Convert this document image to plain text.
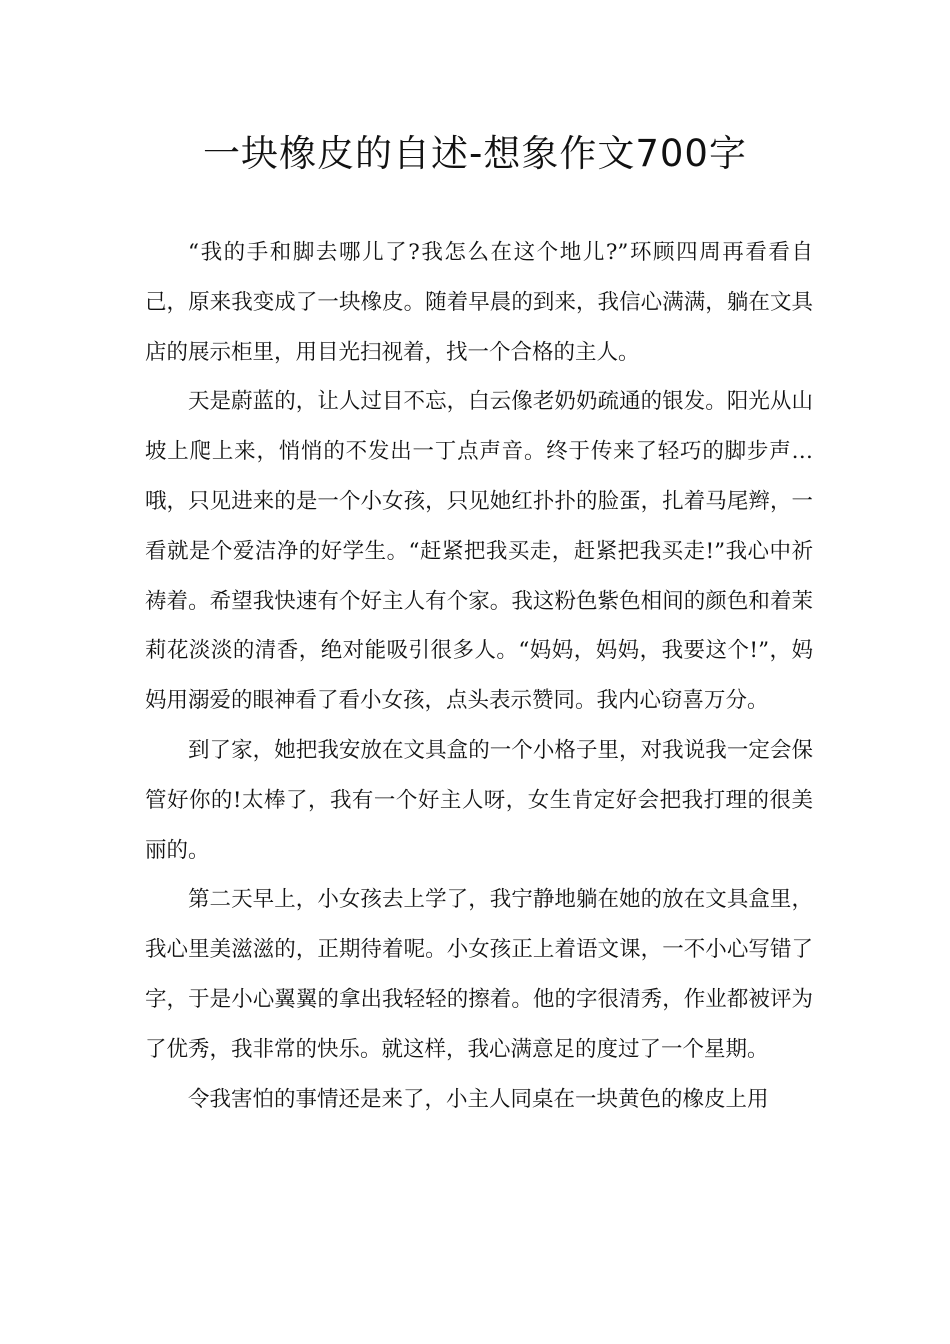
一块橡皮的自述-想象作文700字

“我的手和脚去哪儿了?我怎么在这个地儿?”环顾四周再看看自己，原来我变成了一块橡皮。随着早晨的到来，我信心满满，躺在文具店的展示柜里，用目光扫视着，找一个合格的主人。

天是蔚蓝的，让人过目不忘，白云像老奶奶疏通的银发。阳光从山坡上爬上来，悄悄的不发出一丁点声音。终于传来了轻巧的脚步声…哦，只见进来的是一个小女孩，只见她红扑扑的脸蛋，扎着马尾辫，一看就是个爱洁净的好学生。“赶紧把我买走，赶紧把我买走!”我心中祈祷着。希望我快速有个好主人有个家。我这粉色紫色相间的颜色和着茉莉花淡淡的清香，绝对能吸引很多人。“妈妈，妈妈，我要这个!”，妈妈用溺爱的眼神看了看小女孩，点头表示赞同。我内心窃喜万分。

到了家，她把我安放在文具盒的一个小格子里，对我说我一定会保管好你的!太棒了，我有一个好主人呀，女生肯定好会把我打理的很美丽的。

第二天早上，小女孩去上学了，我宁静地躺在她的放在文具盒里，我心里美滋滋的，正期待着呢。小女孩正上着语文课，一不小心写错了字，于是小心翼翼的拿出我轻轻的擦着。他的字很清秀，作业都被评为了优秀，我非常的快乐。就这样，我心满意足的度过了一个星期。

令我害怕的事情还是来了，小主人同桌在一块黄色的橡皮上用
